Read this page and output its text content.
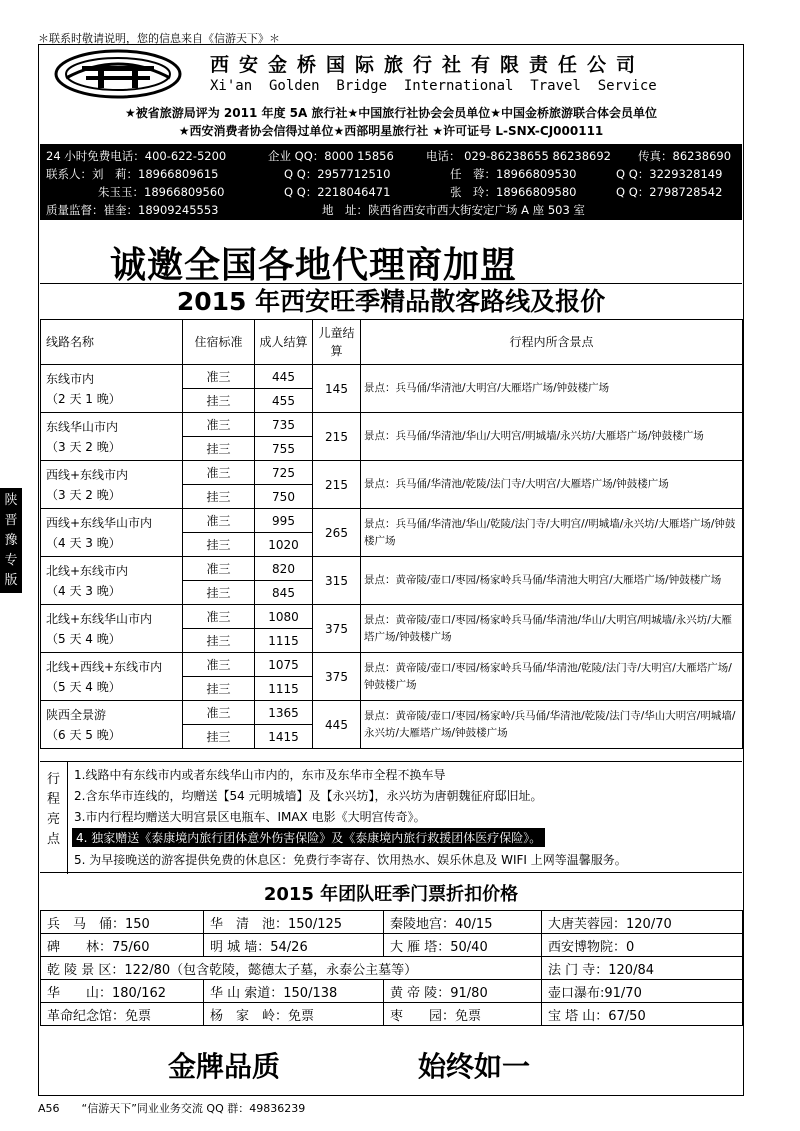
＊联系时敬请说明，您的信息来自《信游天下》＊
西安金桥国际旅行社有限责任公司
Xi'an  Golden  Bridge  International  Travel  Service
★被省旅游局评为 2011 年度 5A 旅行社★中国旅行社协会会员单位★中国金桥旅游联合体会员单位
★西安消费者协会信得过单位★西部明星旅行社 ★许可证号 L-SNX-CJ000111
24 小时免费电话：400-622-5200	企业 QQ：8000 15856	电话： 029-86238655 86238692 传真：86238690
联系人：刘　莉：18966809615	Q Q：2957712510	任　蓉：18966809530	Q Q：3229328149
朱玉玉：18966809560	Q Q：2218046471	张　玲：18966809580	Q Q：2798728542
质量监督：崔奎：18909245553	地　址：陕西省西安市西大街安定广场 A 座 503 室
诚邀全国各地代理商加盟
2015 年西安旺季精品散客路线及报价
线路名称	住宿标准	成人结算	儿童结算	行程内所含景点

东线市内
（2 天 1 晚）	准三	445	145	景点：兵马俑/华清池/大明宫/大雁塔广场/钟鼓楼广场
	挂三	455		

东线华山市内
（3 天 2 晚）	准三	735	215	景点：兵马俑/华清池/华山/大明宫/明城墙/永兴坊/大雁塔广场/钟鼓楼广场
	挂三	755		

西线+东线市内
（3 天 2 晚）	准三	725	215	景点：兵马俑/华清池/乾陵/法门寺/大明宫/大雁塔广场/钟鼓楼广场
	挂三	750		

西线+东线华山市内
（4 天 3 晚）	准三	995	265	景点：兵马俑/华清池/华山/乾陵/法门寺/大明宫//明城墙/永兴坊/大雁塔广场/钟鼓楼广场
	挂三	1020		

北线+东线市内
（4 天 3 晚）	准三	820	315	景点：黄帝陵/壶口/枣园/杨家岭兵马俑/华清池大明宫/大雁塔广场/钟鼓楼广场
	挂三	845		

北线+东线华山市内
（5 天 4 晚）	准三	1080	375	景点：黄帝陵/壶口/枣园/杨家岭兵马俑/华清池/华山/大明宫/明城墙/永兴坊/大雁塔广场/钟鼓楼广场
	挂三	1115		

北线+西线+东线市内
（5 天 4 晚）	准三	1075	375	景点：黄帝陵/壶口/枣园/杨家岭兵马俑/华清池/乾陵/法门寺/大明宫/大雁塔广场/钟鼓楼广场
	挂三	1115		

陕西全景游
（6 天 5 晚）	准三	1365	445	景点：黄帝陵/壶口/枣园/杨家岭/兵马俑/华清池/乾陵/法门寺/华山大明宫/明城墙/永兴坊/大雁塔广场/钟鼓楼广场
	挂三	1415		
行程亮点
1.线路中有东线市内或者东线华山市内的，东市及东华市全程不换车导
2.含东华市连线的，均赠送【54 元明城墙】及【永兴坊】，永兴坊为唐朝魏征府邸旧址。
3.市内行程均赠送大明宫景区电瓶车、IMAX 电影《大明宫传奇》。
4. 独家赠送《泰康境内旅行团体意外伤害保险》及《泰康境内旅行救援团体医疗保险》。
5. 为早接晚送的游客提供免费的休息区：免费行李寄存、饮用热水、娱乐休息及 WIFI 上网等温馨服务。
2015 年团队旺季门票折扣价格
兵　马　俑：150	华　清　池：150/125	秦陵地宫：40/15	大唐芙蓉园：120/70
碑　　林：75/60	明 城 墙：54/26	大 雁 塔：50/40	西安博物院：0
乾 陵 景 区：122/80（包含乾陵，懿德太子墓，永泰公主墓等）			法 门 寺：120/84
华　　山：180/162	华 山 索道：150/138	黄 帝 陵：91/80	壶口瀑布:91/70
革命纪念馆：免票	杨　家　岭：免票	枣　　园：免票	宝 塔 山：67/50
金牌品质	始终如一
陕晋豫专版
A56　　“信游天下”同业业务交流 QQ 群：49836239
